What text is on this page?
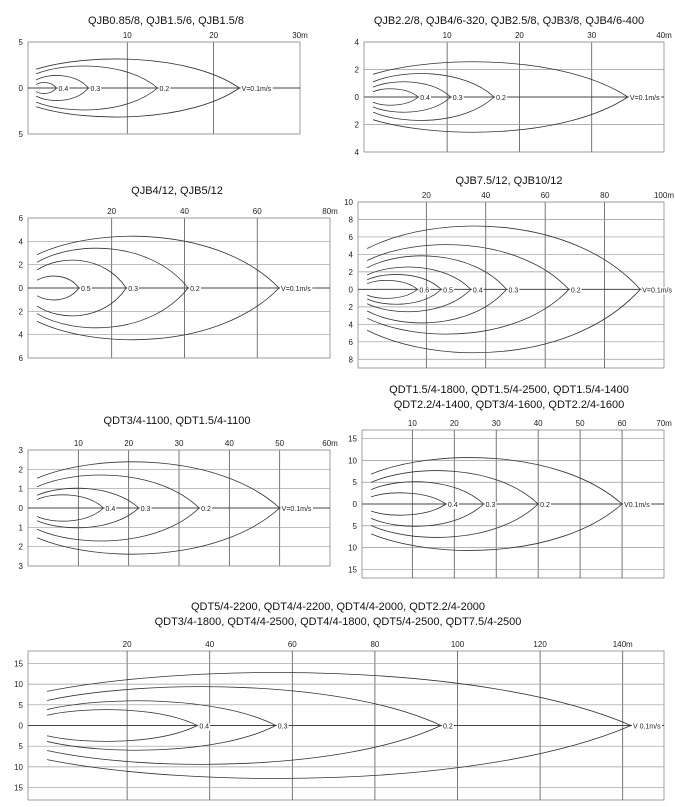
QJB0.85/8, QJB1.5/6, QJB1.5/8
10	20	30m
5
0
5
V=0.1m/s
0.2
0.3
0.4
QJB2.2/8, QJB4/6-320, QJB2.5/8, QJB3/8, QJB4/6-400
10	20	30	40m
4
2
0
2
4
V=0.1m/s
0.2
0.3
0.4
QJB4/12, QJB5/12
20	40	60	80m
6
4
2
0
2
4
6
V=0.1m/s
0.2
0.3
0.5
QJB7.5/12, QJB10/12
20	40	60	80	100m
10
8
6
4
2
0
2
4
6
8
V=0.1m/s
0.2
0.3
0.4
0.5
0.6
QDT3/4-1100, QDT1.5/4-1100
10	20	30	40	50	60m
3
2
1
0
1
2
3
V=0.1m/s
0.2
0.3
0.4
QDT1.5/4-1800, QDT1.5/4-2500, QDT1.5/4-1400
QDT2.2/4-1400, QDT3/4-1600, QDT2.2/4-1600
10	20	30	40	50	60	70m
15
10
5
0
5
10
15
V0.1m/s
0.2
0.3
0.4
QDT5/4-2200, QDT4/4-2200, QDT4/4-2000, QDT2.2/4-2000
QDT3/4-1800, QDT4/4-2500, QDT4/4-1800, QDT5/4-2500, QDT7.5/4-2500
20	40	60	80	100	120	140m
15
10
5
0
5
10
15
V 0.1m/s
0.2
0.3
0.4
